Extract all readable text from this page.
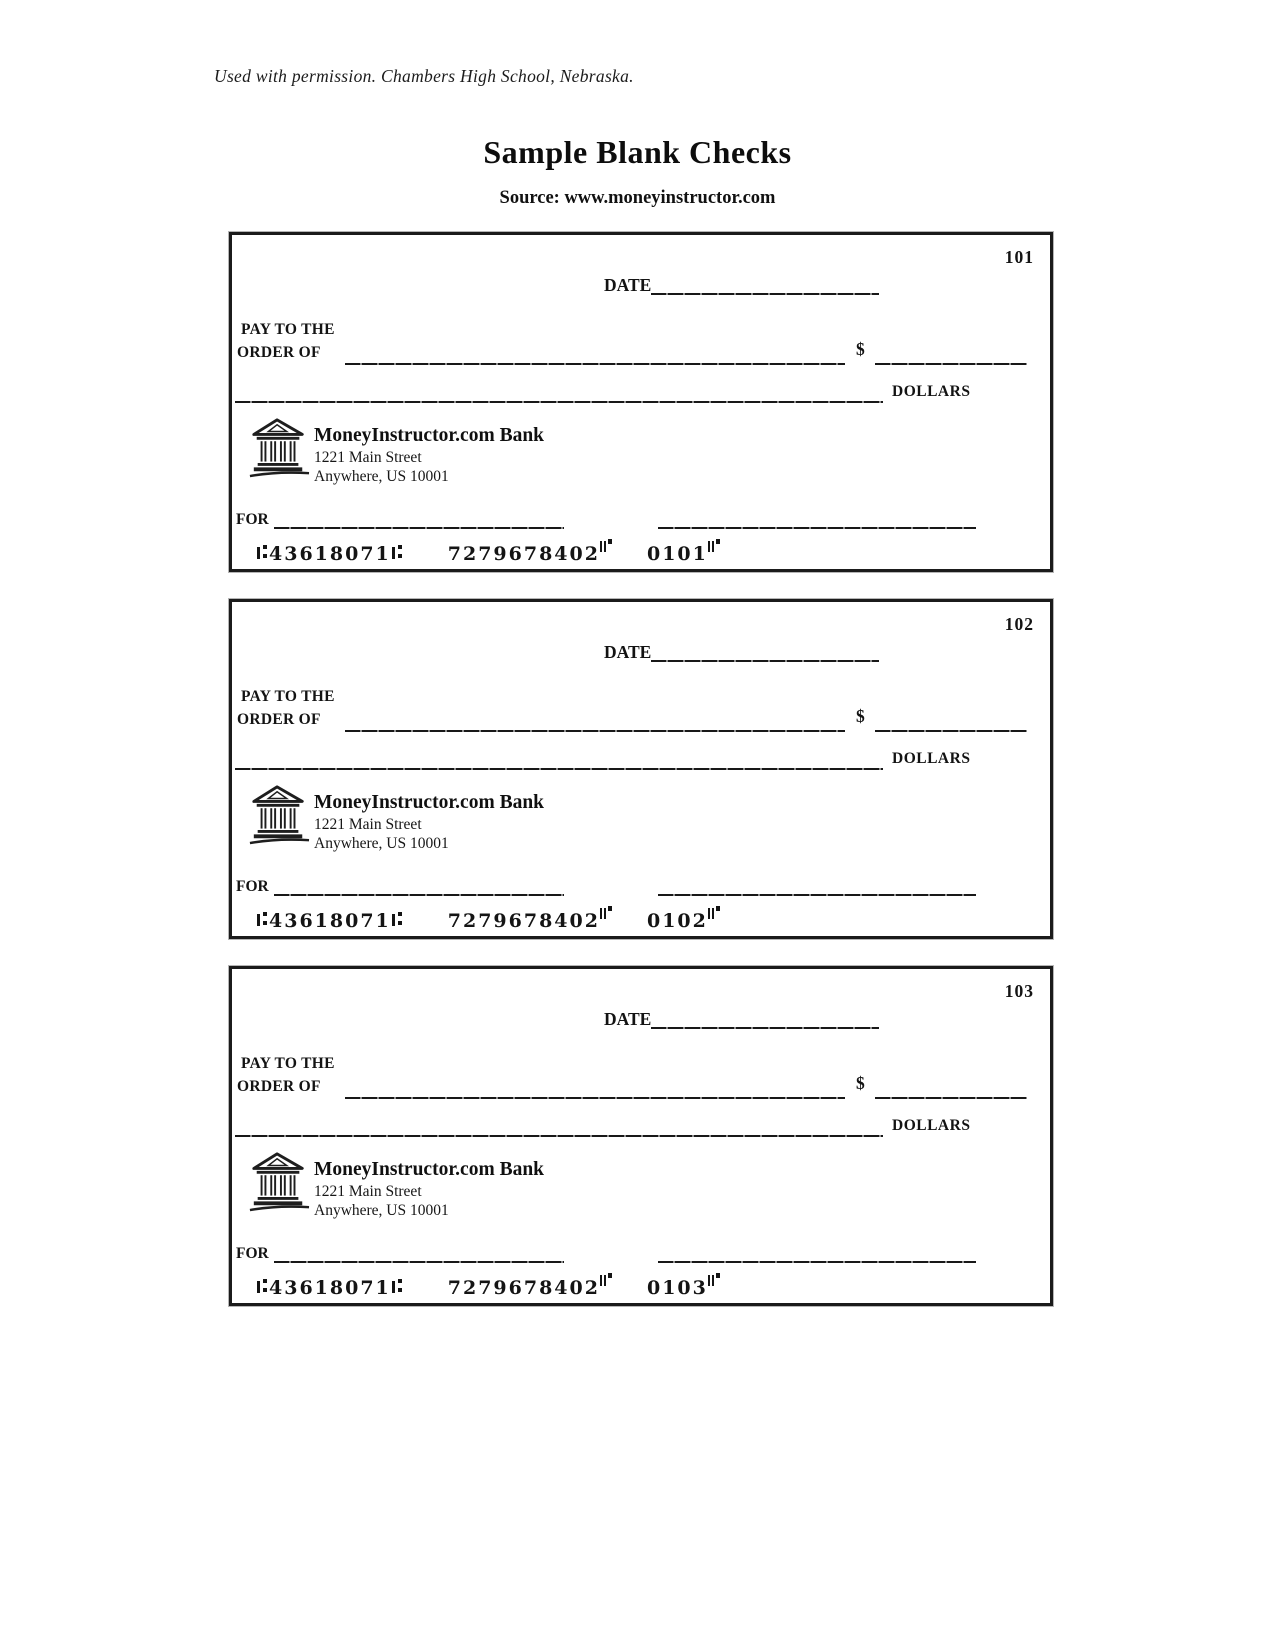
Used with permission. Chambers High School, Nebraska.
Sample Blank Checks
Source: www.moneyinstructor.com
101
DATE
PAY TO THE
ORDER OF	$
DOLLARS
MoneyInstructor.com Bank
1221 Main Street
Anywhere, US 10001
FOR
43618071	7279678402 0101
102
DATE
PAY TO THE
ORDER OF	$
DOLLARS
MoneyInstructor.com Bank
1221 Main Street
Anywhere, US 10001
FOR
43618071	7279678402 0102
103
DATE
PAY TO THE
ORDER OF	$
DOLLARS
MoneyInstructor.com Bank
1221 Main Street
Anywhere, US 10001
FOR
43618071	7279678402 0103
